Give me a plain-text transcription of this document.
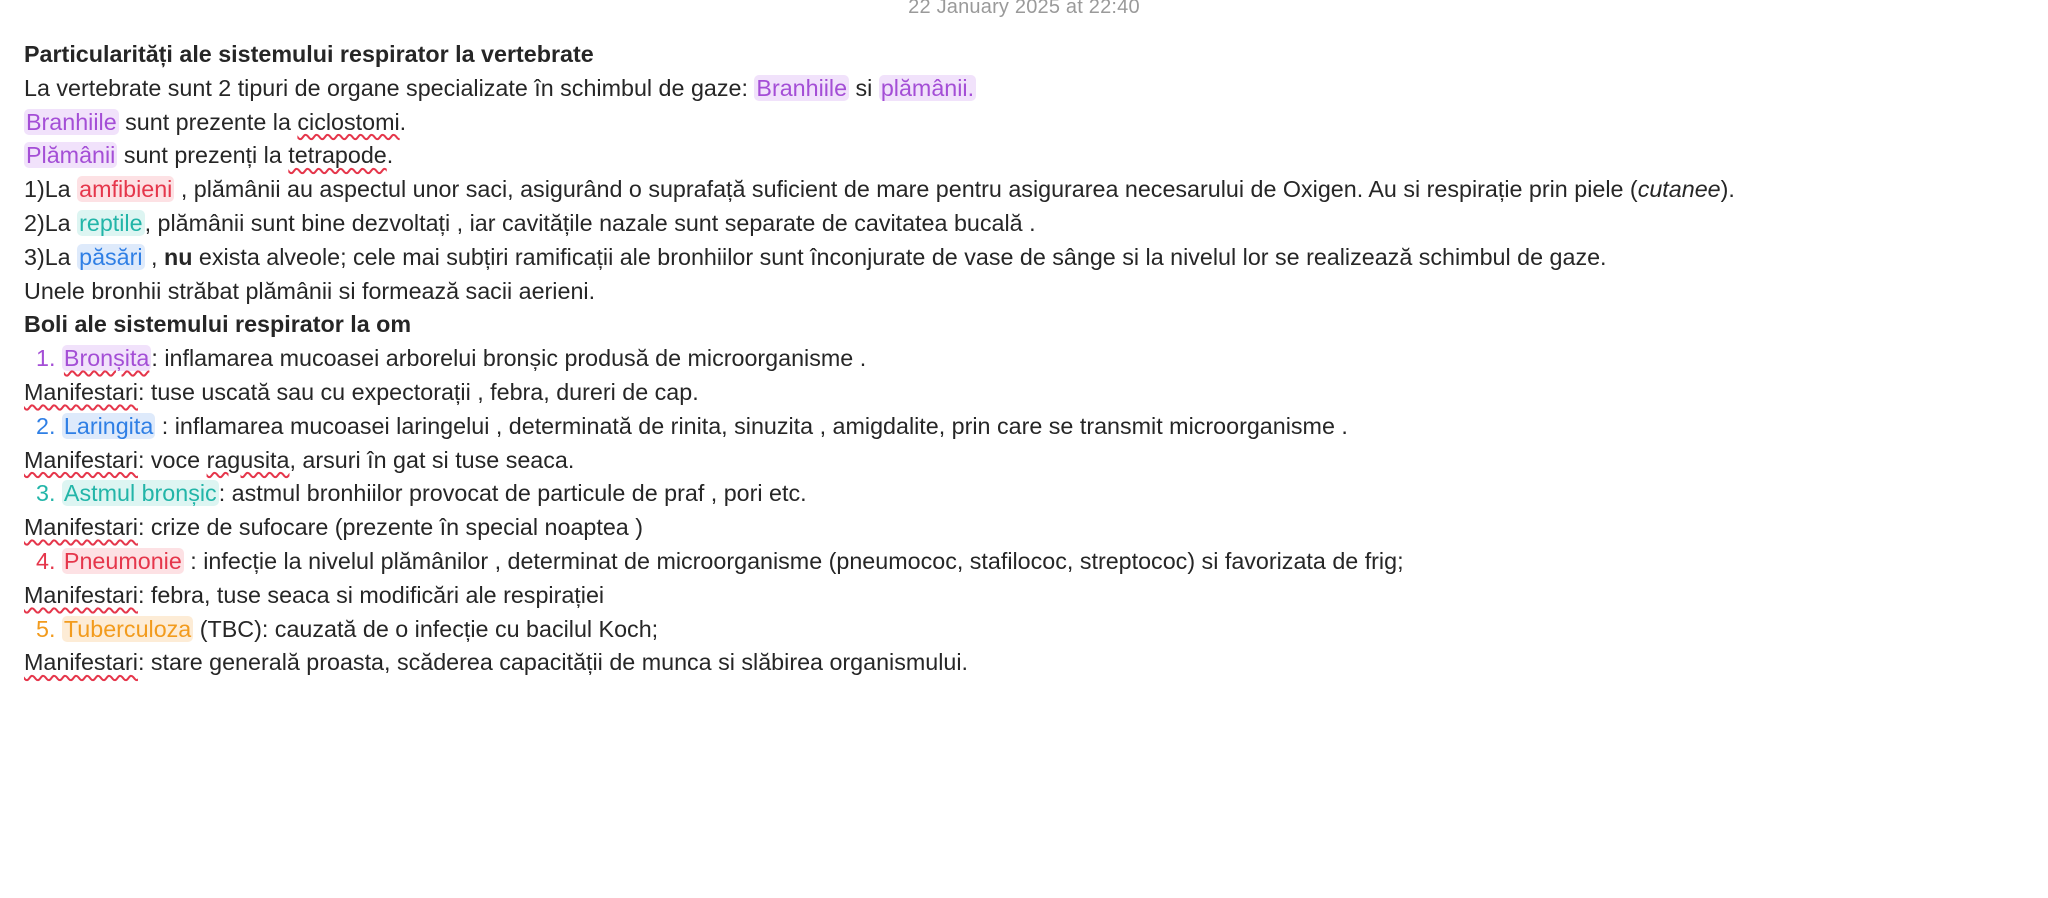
22 January 2025 at 22:40
Particularități ale sistemului respirator la vertebrate
La vertebrate sunt 2 tipuri de organe specializate în schimbul de gaze: Branhiile si plămânii.
Branhiile sunt prezente la ciclostomi.
Plămânii sunt prezenți la tetrapode.
1)La amfibieni , plămânii au aspectul unor saci, asigurând o suprafață suficient de mare pentru asigurarea necesarului de Oxigen. Au si respirație prin piele (cutanee).
2)La reptile, plămânii sunt bine dezvoltați , iar cavitățile nazale sunt separate de cavitatea bucală .
3)La păsări , nu exista alveole; cele mai subțiri ramificații ale bronhiilor sunt înconjurate de vase de sânge si la nivelul lor se realizează schimbul de gaze.
Unele bronhii străbat plămânii si formează sacii aerieni.
Boli ale sistemului respirator la om
1. Bronșita: inflamarea mucoasei arborelui bronșic produsă de microorganisme .
Manifestari: tuse uscată sau cu expectorații , febra, dureri de cap.
2. Laringita : inflamarea mucoasei laringelui , determinată de rinita, sinuzita , amigdalite, prin care se transmit microorganisme .
Manifestari: voce ragusita, arsuri în gat si tuse seaca.
3. Astmul bronșic: astmul bronhiilor provocat de particule de praf , pori etc.
Manifestari: crize de sufocare (prezente în special noaptea )
4. Pneumonie : infecție la nivelul plămânilor , determinat de microorganisme (pneumococ, stafilococ, streptococ) si favorizata de frig;
Manifestari: febra, tuse seaca si modificări ale respirației
5. Tuberculoza (TBC): cauzată de o infecție cu bacilul Koch;
Manifestari: stare generală proasta, scăderea capacității de munca si slăbirea organismului.
